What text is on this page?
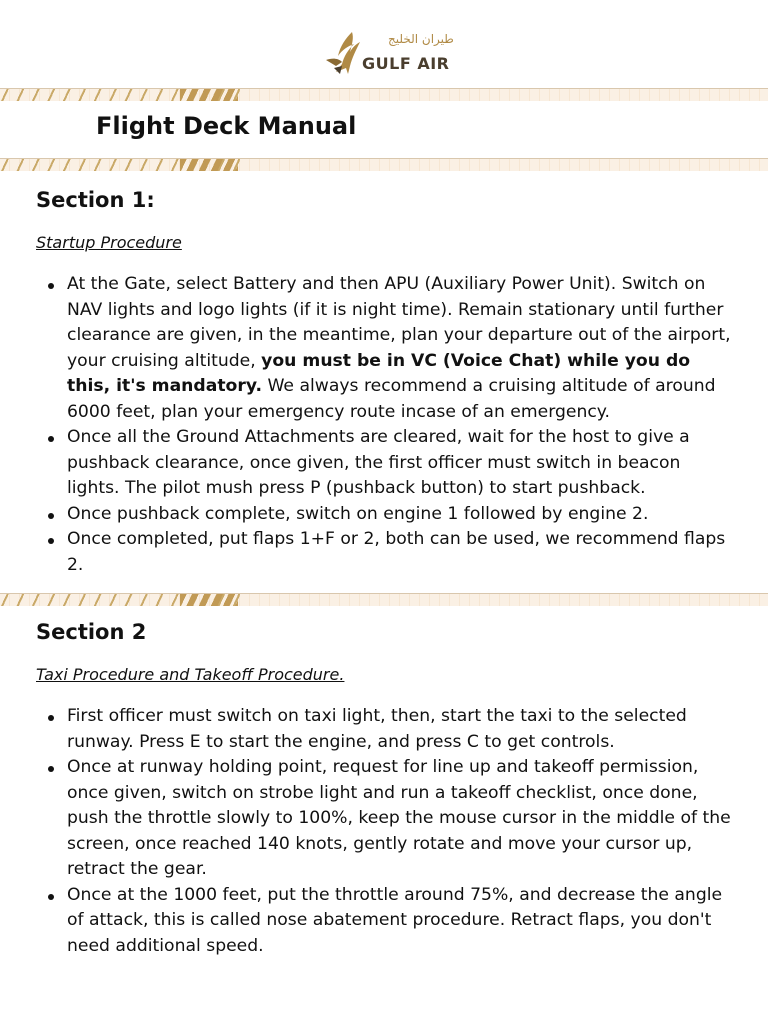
طيران الخليج
GULF AIR
Flight Deck Manual
Section 1:

Startup Procedure

At the Gate, select Battery and then APU (Auxiliary Power Unit). Switch on NAV lights and logo lights (if it is night time). Remain stationary until further clearance are given, in the meantime, plan your departure out of the airport, your cruising altitude, you must be in VC (Voice Chat) while you do this, it's mandatory. We always recommend a cruising altitude of around 6000 feet, plan your emergency route incase of an emergency.
Once all the Ground Attachments are cleared, wait for the host to give a pushback clearance, once given, the first officer must switch in beacon lights. The pilot mush press P (pushback button) to start pushback.
Once pushback complete, switch on engine 1 followed by engine 2.
Once completed, put flaps 1+F or 2, both can be used, we recommend flaps 2.
Section 2

Taxi Procedure and Takeoff Procedure.

First officer must switch on taxi light, then, start the taxi to the selected runway. Press E to start the engine, and press C to get controls.
Once at runway holding point, request for line up and takeoff permission, once given, switch on strobe light and run a takeoff checklist, once done, push the throttle slowly to 100%, keep the mouse cursor in the middle of the screen, once reached 140 knots, gently rotate and move your cursor up, retract the gear.
Once at the 1000 feet, put the throttle around 75%, and decrease the angle of attack, this is called nose abatement procedure. Retract flaps, you don't need additional speed.
